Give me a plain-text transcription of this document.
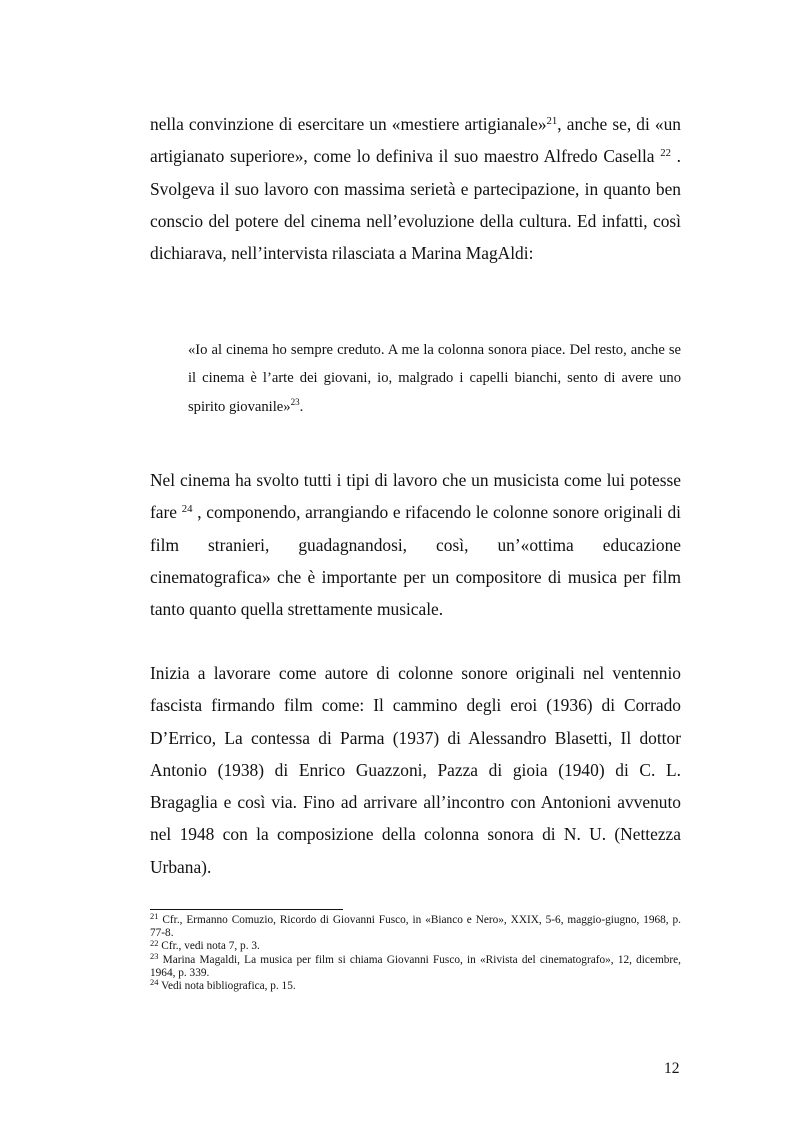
nella convinzione di esercitare un «mestiere artigianale»$^{21}$, anche se, di «un artigianato superiore», come lo definiva il suo maestro Alfredo Casella $^{22}$ . Svolgeva il suo lavoro con massima serietà e partecipazione, in quanto ben conscio del potere del cinema nell’evoluzione della cultura. Ed infatti, così dichiarava, nell’intervista rilasciata a Marina MagAldi:

«Io al cinema ho sempre creduto. A me la colonna sonora piace. Del resto, anche se il cinema è l’arte dei giovani, io, malgrado i capelli bianchi, sento di avere uno spirito giovanile»$^{23}$.

Nel cinema ha svolto tutti i tipi di lavoro che un musicista come lui potesse fare $^{24}$ , componendo, arrangiando e rifacendo le colonne sonore originali di film stranieri, guadagnandosi, così, un’«ottima educazione cinematografica» che è importante per un compositore di musica per film tanto quanto quella strettamente musicale.

Inizia a lavorare come autore di colonne sonore originali nel ventennio fascista firmando film come: Il cammino degli eroi (1936) di Corrado D’Errico, La contessa di Parma (1937) di Alessandro Blasetti, Il dottor Antonio (1938) di Enrico Guazzoni, Pazza di gioia (1940) di C. L. Bragaglia e così via. Fino ad arrivare all’incontro con Antonioni avvenuto nel 1948 con la composizione della colonna sonora di N. U. (Nettezza Urbana).

$^{21}$ Cfr., Ermanno Comuzio, Ricordo di Giovanni Fusco, in «Bianco e Nero», XXIX, 5-6, maggio-giugno, 1968, p. 77-8.

$^{22}$ Cfr., vedi nota 7, p. 3.

$^{23}$ Marina Magaldi, La musica per film si chiama Giovanni Fusco, in «Rivista del cinematografo», 12, dicembre, 1964, p. 339.

$^{24}$ Vedi nota bibliografica, p. 15.

12
